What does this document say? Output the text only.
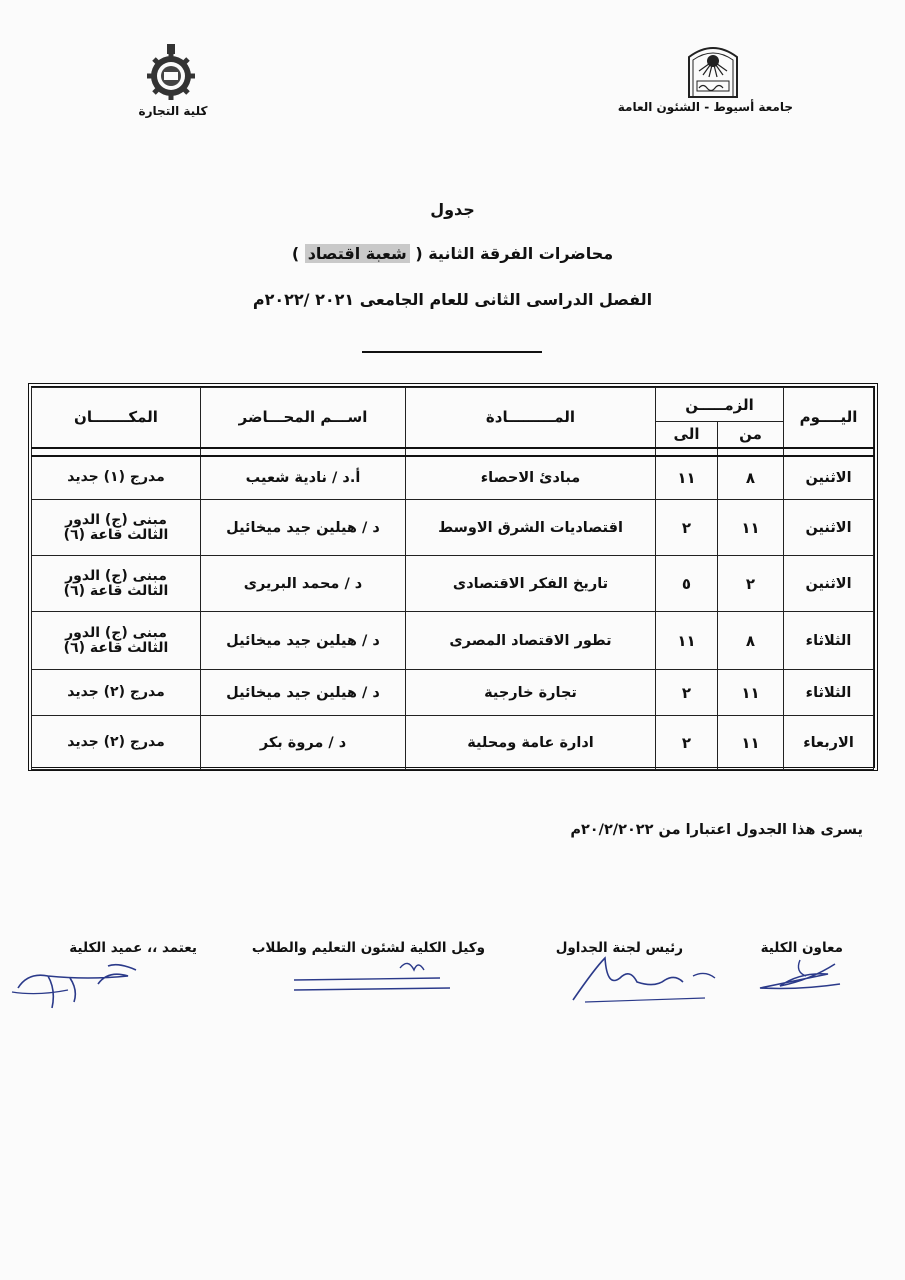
جامعة أسيوط - الشئون العامة
كلية التجارة
جدول
محاضرات الفرقة الثانية ( شعبة اقتصاد )
الفصل الدراسى الثانى للعام الجامعى ٢٠٢١ /٢٠٢٢م
اليــــوم	الزمـــــن		المـــــــــادة	اســـم المحـــاضر	المكـــــــان
	من	الى			

الاثنين	٨	١١	مبادئ الاحصاء	أ.د / نادية شعيب	مدرج (١) جديد

الاثنين	١١	٢	اقتصاديات الشرق الاوسط	د / هيلين جيد ميخائيل	مبنى (ج) الدور
الثالث قاعة (٦)

الاثنين	٢	٥	تاريخ الفكر الاقتصادى	د / محمد البريرى	مبنى (ج) الدور
الثالث قاعة (٦)

الثلاثاء	٨	١١	تطور الاقتصاد المصرى	د / هيلين جيد ميخائيل	مبنى (ج) الدور
الثالث قاعة (٦)

الثلاثاء	١١	٢	تجارة خارجية	د / هيلين جيد ميخائيل	مدرج (٢) جديد

الاربعاء	١١	٢	ادارة عامة ومحلية	د / مروة بكر	مدرج (٢) جديد
يسرى هذا الجدول اعتبارا من ٢٠/٢/٢٠٢٢م
معاون الكلية
رئيس لجنة الجداول
وكيل الكلية لشئون التعليم والطلاب
يعتمد ،، عميد الكلية
